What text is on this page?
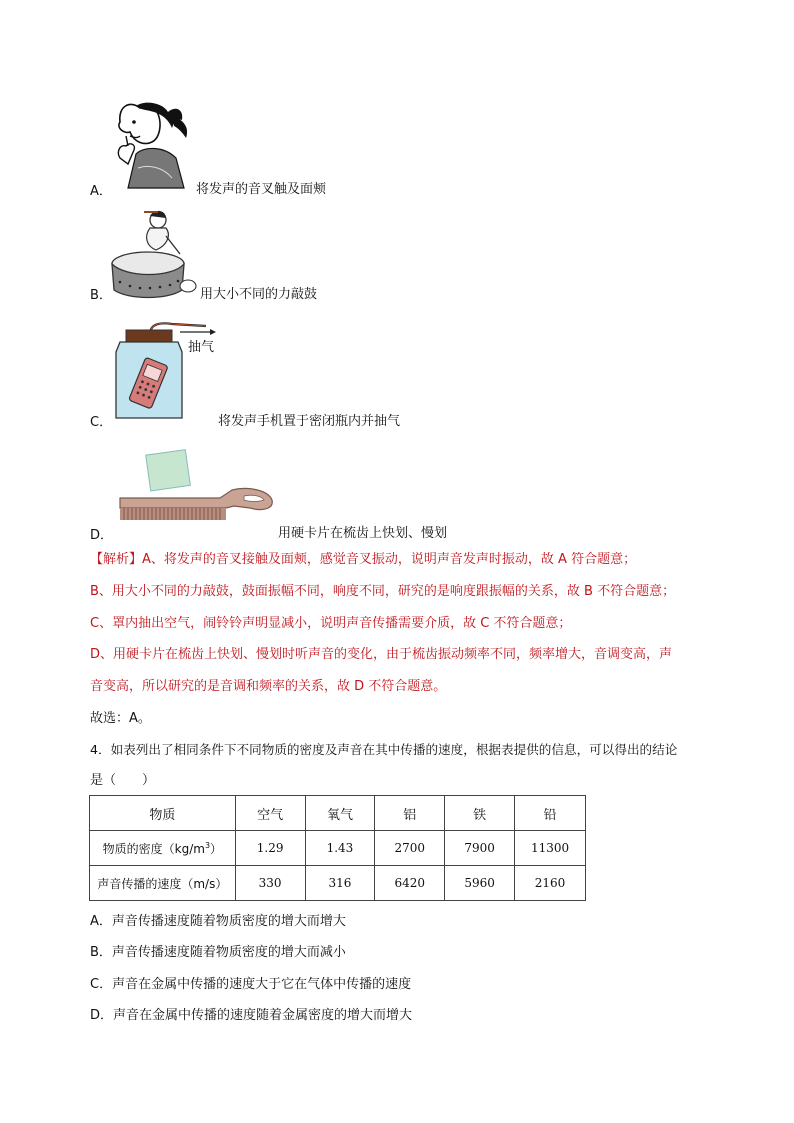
A．	将发声的音叉触及面颊
B．	用大小不同的力敲鼓
抽气
C．	将发声手机置于密闭瓶内并抽气
D．	用硬卡片在梳齿上快划、慢划
【解析】A、将发声的音叉接触及面颊，感觉音叉振动，说明声音发声时振动，故 A 符合题意；
B、用大小不同的力敲鼓，鼓面振幅不同，响度不同，研究的是响度跟振幅的关系，故 B 不符合题意；
C、罩内抽出空气，闹铃铃声明显减小，说明声音传播需要介质，故 C 不符合题意；
D、用硬卡片在梳齿上快划、慢划时听声音的变化，由于梳齿振动频率不同，频率增大，音调变高，声
音变高，所以研究的是音调和频率的关系，故 D 不符合题意。
故选：A。
4．如表列出了相同条件下不同物质的密度及声音在其中传播的速度，根据表提供的信息，可以得出的结论
是（　　）
物质	空气	氧气	铝	铁	铅
物质的密度$(kg/m^3)$	1.29	1.43	2700	7900	11300
声音传播的速度（m/s）	330	316	6420	5960	2160
A．声音传播速度随着物质密度的增大而增大
B．声音传播速度随着物质密度的增大而减小
C．声音在金属中传播的速度大于它在气体中传播的速度
D．声音在金属中传播的速度随着金属密度的增大而增大
